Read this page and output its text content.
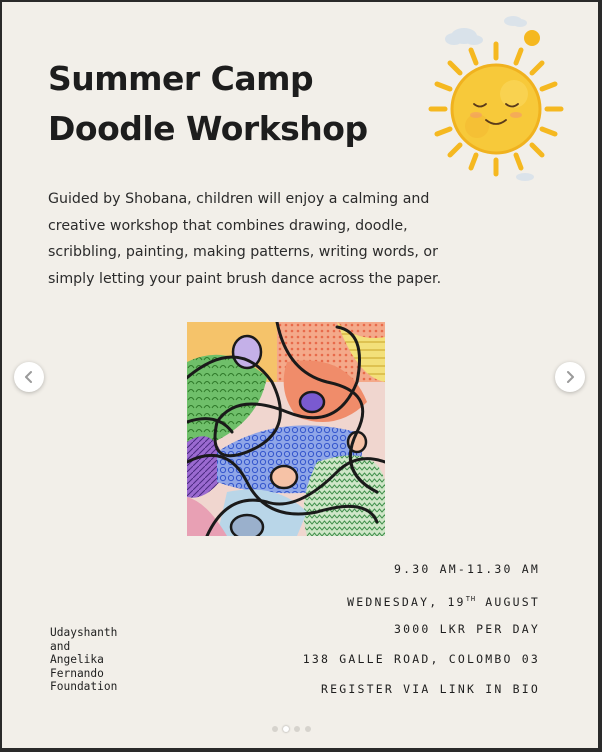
Summer Camp
Doodle Workshop
Guided by Shobana, children will enjoy a calming and
creative workshop that combines drawing, doodle,
scribbling, painting, making patterns, writing words, or
simply letting your paint brush dance across the paper.
9.30 AM-11.30 AM
WEDNESDAY, 19TH AUGUST
3000 LKR PER DAY
138 GALLE ROAD, COLOMBO 03
REGISTER VIA LINK IN BIO
Udayshanth
and
Angelika
Fernando
Foundation
